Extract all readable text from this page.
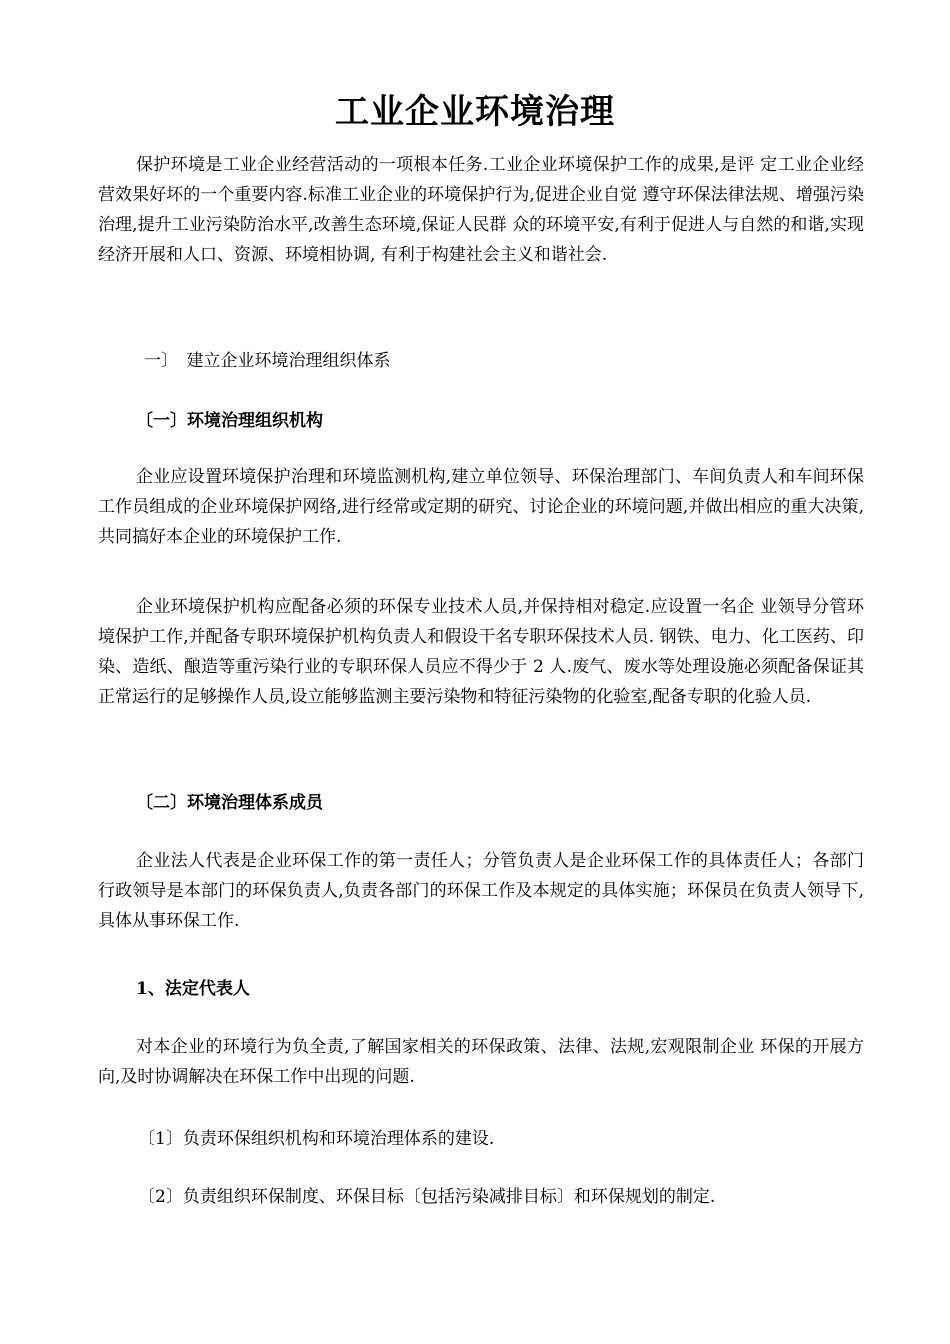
工业企业环境治理
保护环境是工业企业经营活动的一项根本任务.工业企业环境保护工作的成果,是评 定工业企业经营效果好坏的一个重要内容.标准工业企业的环境保护行为,促进企业自觉 遵守环保法律法规、增强污染治理,提升工业污染防治水平,改善生态环境,保证人民群 众的环境平安,有利于促进人与自然的和谐,实现经济开展和人口、资源、环境相协调, 有利于构建社会主义和谐社会.
一〕　建立企业环境治理组织体系
〔一〕环境治理组织机构
企业应设置环境保护治理和环境监测机构,建立单位领导、环保治理部门、车间负责人和车间环保工作员组成的企业环境保护网络,进行经常或定期的研究、讨论企业的环境问题,并做出相应的重大决策,共同搞好本企业的环境保护工作.
企业环境保护机构应配备必须的环保专业技术人员,并保持相对稳定.应设置一名企 业领导分管环境保护工作,并配备专职环境保护机构负责人和假设干名专职环保技术人员. 钢铁、电力、化工医药、印染、造纸、酿造等重污染行业的专职环保人员应不得少于 2 人.废气、废水等处理设施必须配备保证其正常运行的足够操作人员,设立能够监测主要污染物和特征污染物的化验室,配备专职的化验人员.
〔二〕环境治理体系成员
企业法人代表是企业环保工作的第一责任人；分管负责人是企业环保工作的具体责任人；各部门行政领导是本部门的环保负责人,负责各部门的环保工作及本规定的具体实施；环保员在负责人领导下,具体从事环保工作.
1、法定代表人
对本企业的环境行为负全责,了解国家相关的环保政策、法律、法规,宏观限制企业 环保的开展方向,及时协调解决在环保工作中出现的问题.
〔1〕负责环保组织机构和环境治理体系的建设.
〔2〕负责组织环保制度、环保目标〔包括污染减排目标〕和环保规划的制定.
